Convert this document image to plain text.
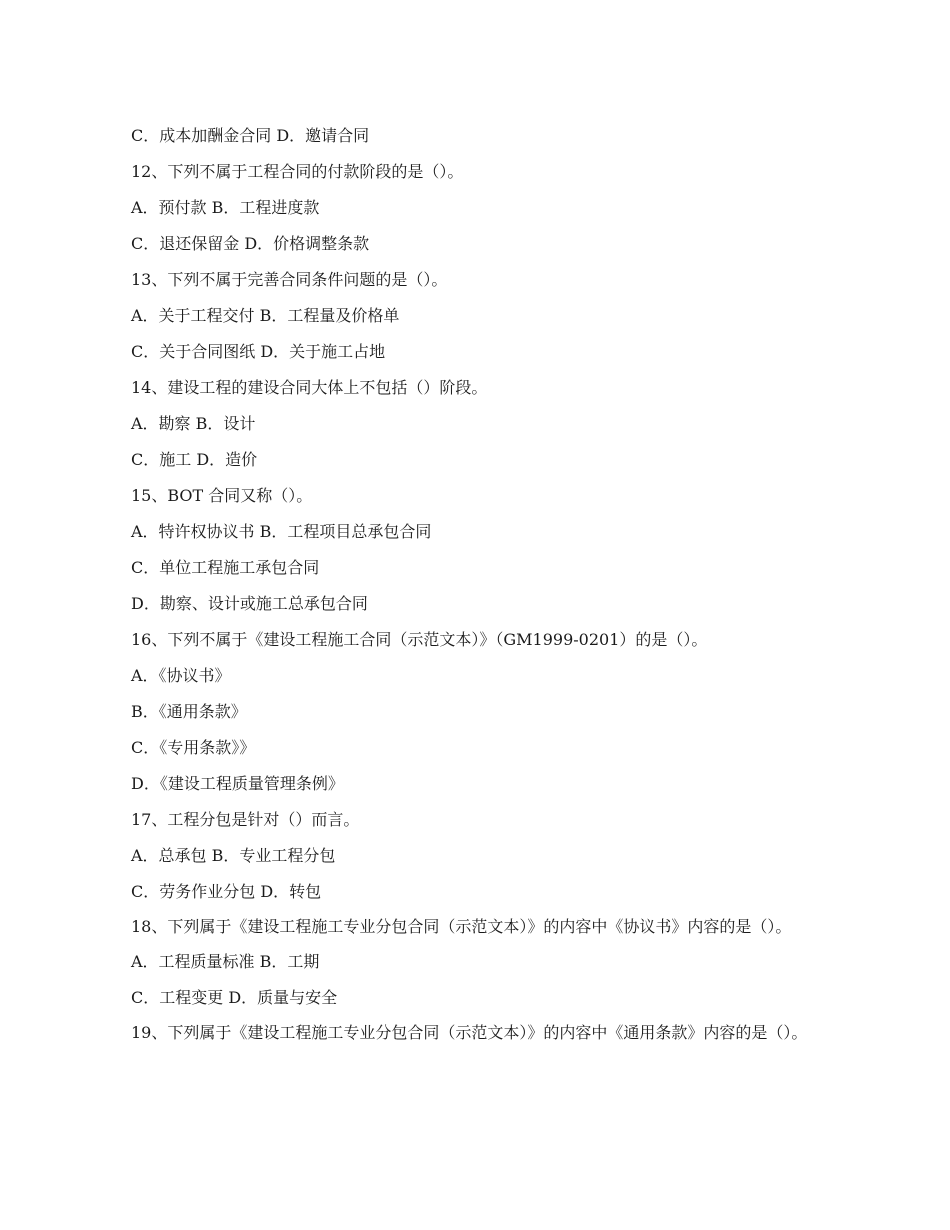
C．成本加酬金合同 D．邀请合同

12、下列不属于工程合同的付款阶段的是（）。

A．预付款 B．工程进度款

C．退还保留金 D．价格调整条款

13、下列不属于完善合同条件问题的是（）。

A．关于工程交付 B．工程量及价格单

C．关于合同图纸 D．关于施工占地

14、建设工程的建设合同大体上不包括（）阶段。

A．勘察 B．设计

C．施工 D．造价

15、BOT 合同又称（）。

A．特许权协议书 B．工程项目总承包合同

C．单位工程施工承包合同

D．勘察、设计或施工总承包合同

16、下列不属于《建设工程施工合同（示范文本）》（GM1999-0201）的是（）。

A．《协议书》

B．《通用条款》

C．《专用条款》》

D．《建设工程质量管理条例》

17、工程分包是针对（）而言。

A．总承包 B．专业工程分包

C．劳务作业分包 D．转包

18、下列属于《建设工程施工专业分包合同（示范文本）》的内容中《协议书》内容的是（）。

A．工程质量标准 B．工期

C．工程变更 D．质量与安全

19、下列属于《建设工程施工专业分包合同（示范文本）》的内容中《通用条款》内容的是（）。
